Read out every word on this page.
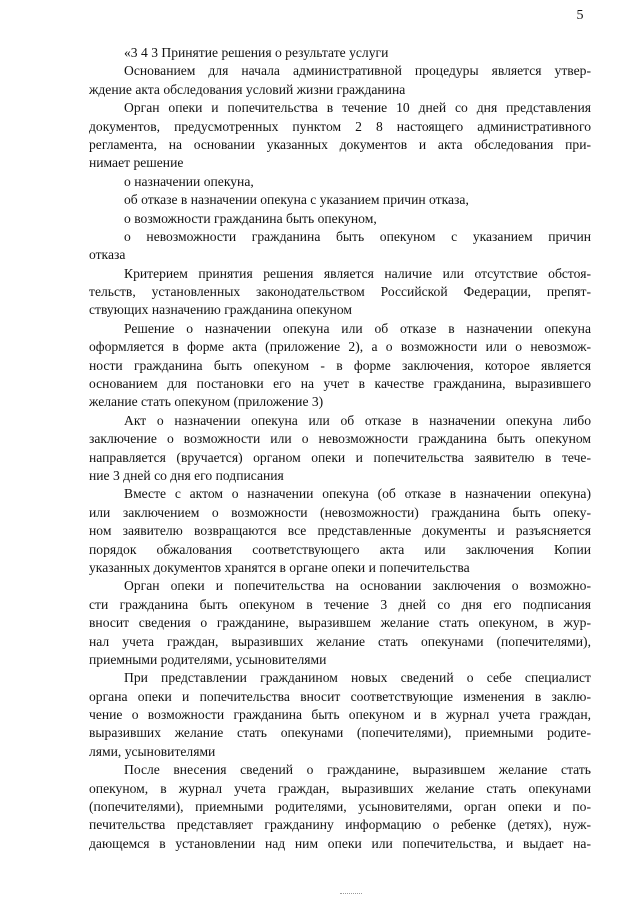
5
«3 4 3 Принятие решения о результате услуги
Основанием для начала административной процедуры является утвер-
ждение акта обследования условий жизни гражданина
Орган опеки и попечительства в течение 10 дней со дня представления
документов, предусмотренных пунктом 2 8 настоящего административного
регламента, на основании указанных документов и акта обследования при-
нимает решение
о назначении опекуна,
об отказе в назначении опекуна с указанием причин отказа,
о возможности гражданина быть опекуном,
о невозможности гражданина быть опекуном с указанием причин
отказа
Критерием принятия решения является наличие или отсутствие обстоя-
тельств, установленных законодательством Российской Федерации, препят-
ствующих назначению гражданина опекуном
Решение о назначении опекуна или об отказе в назначении опекуна
оформляется в форме акта (приложение 2), а о возможности или о невозмож-
ности гражданина быть опекуном - в форме заключения, которое является
основанием для постановки его на учет в качестве гражданина, выразившего
желание стать опекуном (приложение 3)
Акт о назначении опекуна или об отказе в назначении опекуна либо
заключение о возможности или о невозможности гражданина быть опекуном
направляется (вручается) органом опеки и попечительства заявителю в тече-
ние 3 дней со дня его подписания
Вместе с актом о назначении опекуна (об отказе в назначении опекуна)
или заключением о возможности (невозможности) гражданина быть опеку-
ном заявителю возвращаются все представленные документы и разъясняется
порядок обжалования соответствующего акта или заключения Копии
указанных документов хранятся в органе опеки и попечительства
Орган опеки и попечительства на основании заключения о возможно-
сти гражданина быть опекуном в течение 3 дней со дня его подписания
вносит сведения о гражданине, выразившем желание стать опекуном, в жур-
нал учета граждан, выразивших желание стать опекунами (попечителями),
приемными родителями, усыновителями
При представлении гражданином новых сведений о себе специалист
органа опеки и попечительства вносит соответствующие изменения в заклю-
чение о возможности гражданина быть опекуном и в журнал учета граждан,
выразивших желание стать опекунами (попечителями), приемными родите-
лями, усыновителями
После внесения сведений о гражданине, выразившем желание стать
опекуном, в журнал учета граждан, выразивших желание стать опекунами
(попечителями), приемными родителями, усыновителями, орган опеки и по-
печительства представляет гражданину информацию о ребенке (детях), нуж-
дающемся в установлении над ним опеки или попечительства, и выдает на-
